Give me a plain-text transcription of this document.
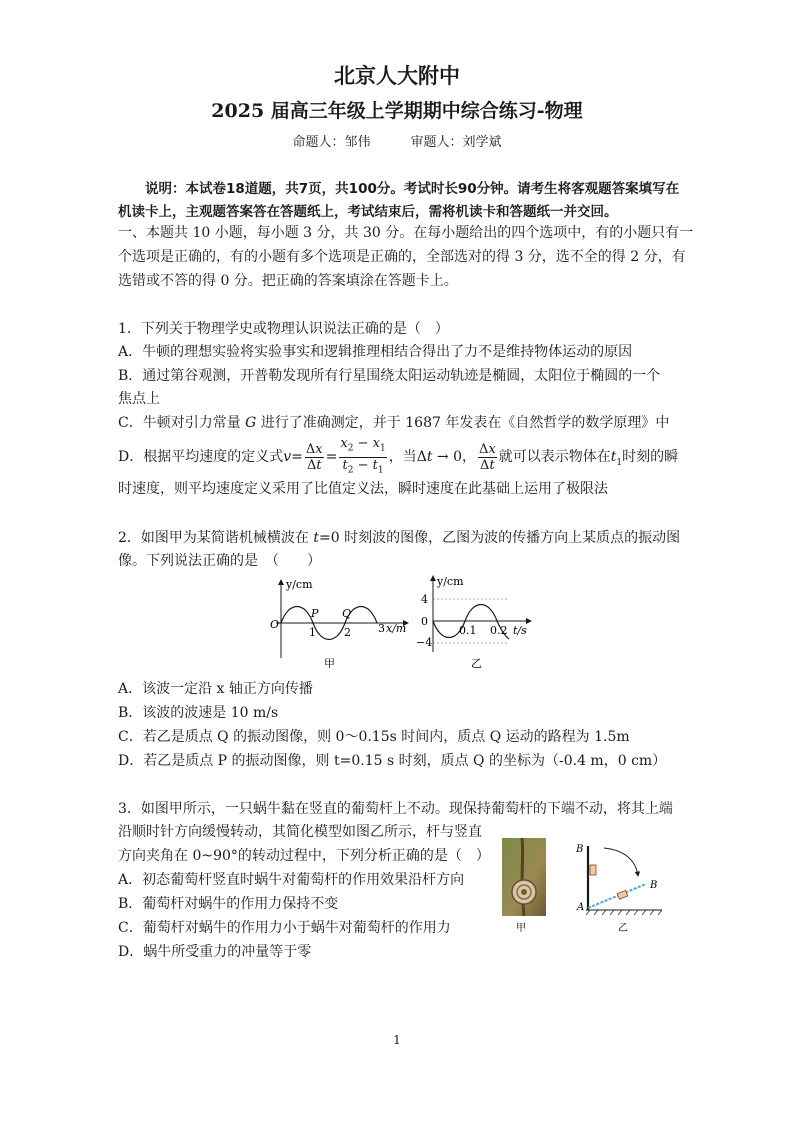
北京人大附中
2025 届高三年级上学期期中综合练习-物理
命题人：邹伟	审题人：刘学斌
说明：本试卷18道题，共7页，共100分。考试时长90分钟。请考生将客观题答案填写在
机读卡上，主观题答案答在答题纸上，考试结束后，需将机读卡和答题纸一并交回。
一、本题共 10 小题，每小题 3 分，共 30 分。在每小题给出的四个选项中，有的小题只有一
个选项是正确的，有的小题有多个选项是正确的，全部选对的得 3 分，选不全的得 2 分，有
选错或不答的得 0 分。把正确的答案填涂在答题卡上。
1．下列关于物理学史或物理认识说法正确的是（　）
A．牛顿的理想实验将实验事实和逻辑推理相结合得出了力不是维持物体运动的原因
B．通过第谷观测，开普勒发现所有行星围绕太阳运动轨迹是椭圆，太阳位于椭圆的一个
焦点上
C．牛顿对引力常量 G 进行了准确测定，并于 1687 年发表在《自然哲学的数学原理》中
D．根据平均速度的定义式$v= \frac{\Delta x}{\Delta t} = \frac{x_2 - x_1}{t_2 - t_1}$ ，当Δt → 0， $\frac{\Delta x}{\Delta t}$ 就可以表示物体在$t_1$时刻的瞬
时速度，则平均速度定义采用了比值定义法，瞬时速度在此基础上运用了极限法
2．如图甲为某简谐机械横波在 t=0 时刻波的图像，乙图为波的传播方向上某质点的振动图
像。下列说法正确的是　（　　）
y/cm
O
P Q
1	2 3 x/m
甲
y/cm
4
0
−4
0.1 0.2 t/s
乙
A．该波一定沿 x 轴正方向传播
B．该波的波速是 10 m/s
C．若乙是质点 Q 的振动图像，则 0～0.15s 时间内，质点 Q 运动的路程为 1.5m
D．若乙是质点 P 的振动图像，则 t=0.15 s 时刻，质点 Q 的坐标为（-0.4 m，0 cm）
3．如图甲所示，一只蜗牛黏在竖直的葡萄杆上不动。现保持葡萄杆的下端不动，将其上端
沿顺时针方向缓慢转动，其简化模型如图乙所示，杆与竖直
方向夹角在 0~90°的转动过程中，下列分析正确的是（　）
A．初态葡萄杆竖直时蜗牛对葡萄杆的作用效果沿杆方向
B．葡萄杆对蜗牛的作用力保持不变
C．葡萄杆对蜗牛的作用力小于蜗牛对葡萄杆的作用力
D．蜗牛所受重力的冲量等于零
甲
B
B
A
乙
1
